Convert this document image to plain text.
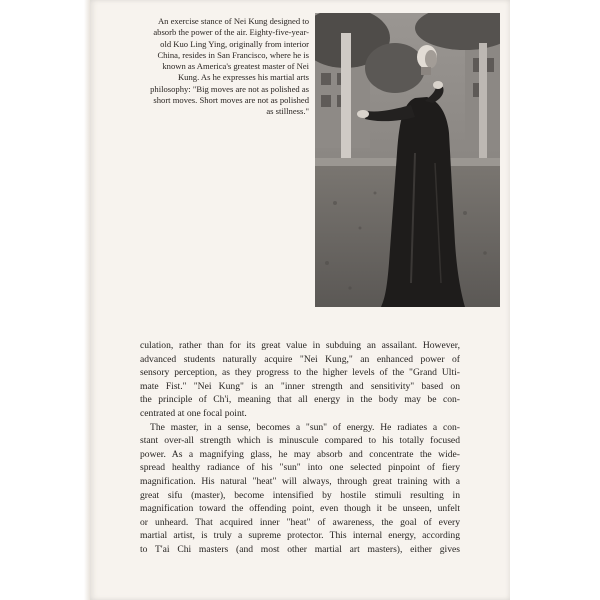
An exercise stance of Nei Kung designed to
absorb the power of the air. Eighty-five-year-
old Kuo Ling Ying, originally from interior
China, resides in San Francisco, where he is
known as America's greatest master of Nei
Kung. As he expresses his martial arts
philosophy: "Big moves are not as polished as
short moves. Short moves are not as polished
as stillness."
culation, rather than for its great value in subduing an assailant. However,
advanced students naturally acquire "Nei Kung," an enhanced power of
sensory perception, as they progress to the higher levels of the "Grand Ulti-
mate Fist." "Nei Kung" is an "inner strength and sensitivity" based on
the principle of Ch'i, meaning that all energy in the body may be con-
centrated at one focal point.
The master, in a sense, becomes a "sun" of energy. He radiates a con-
stant over-all strength which is minuscule compared to his totally focused
power. As a magnifying glass, he may absorb and concentrate the wide-
spread healthy radiance of his "sun" into one selected pinpoint of fiery
magnification. His natural "heat" will always, through great training with a
great sifu (master), become intensified by hostile stimuli resulting in
magnification toward the offending point, even though it be unseen, unfelt
or unheard. That acquired inner "heat" of awareness, the goal of every
martial artist, is truly a supreme protector. This internal energy, according
to T'ai Chi masters (and most other martial art masters), either gives
